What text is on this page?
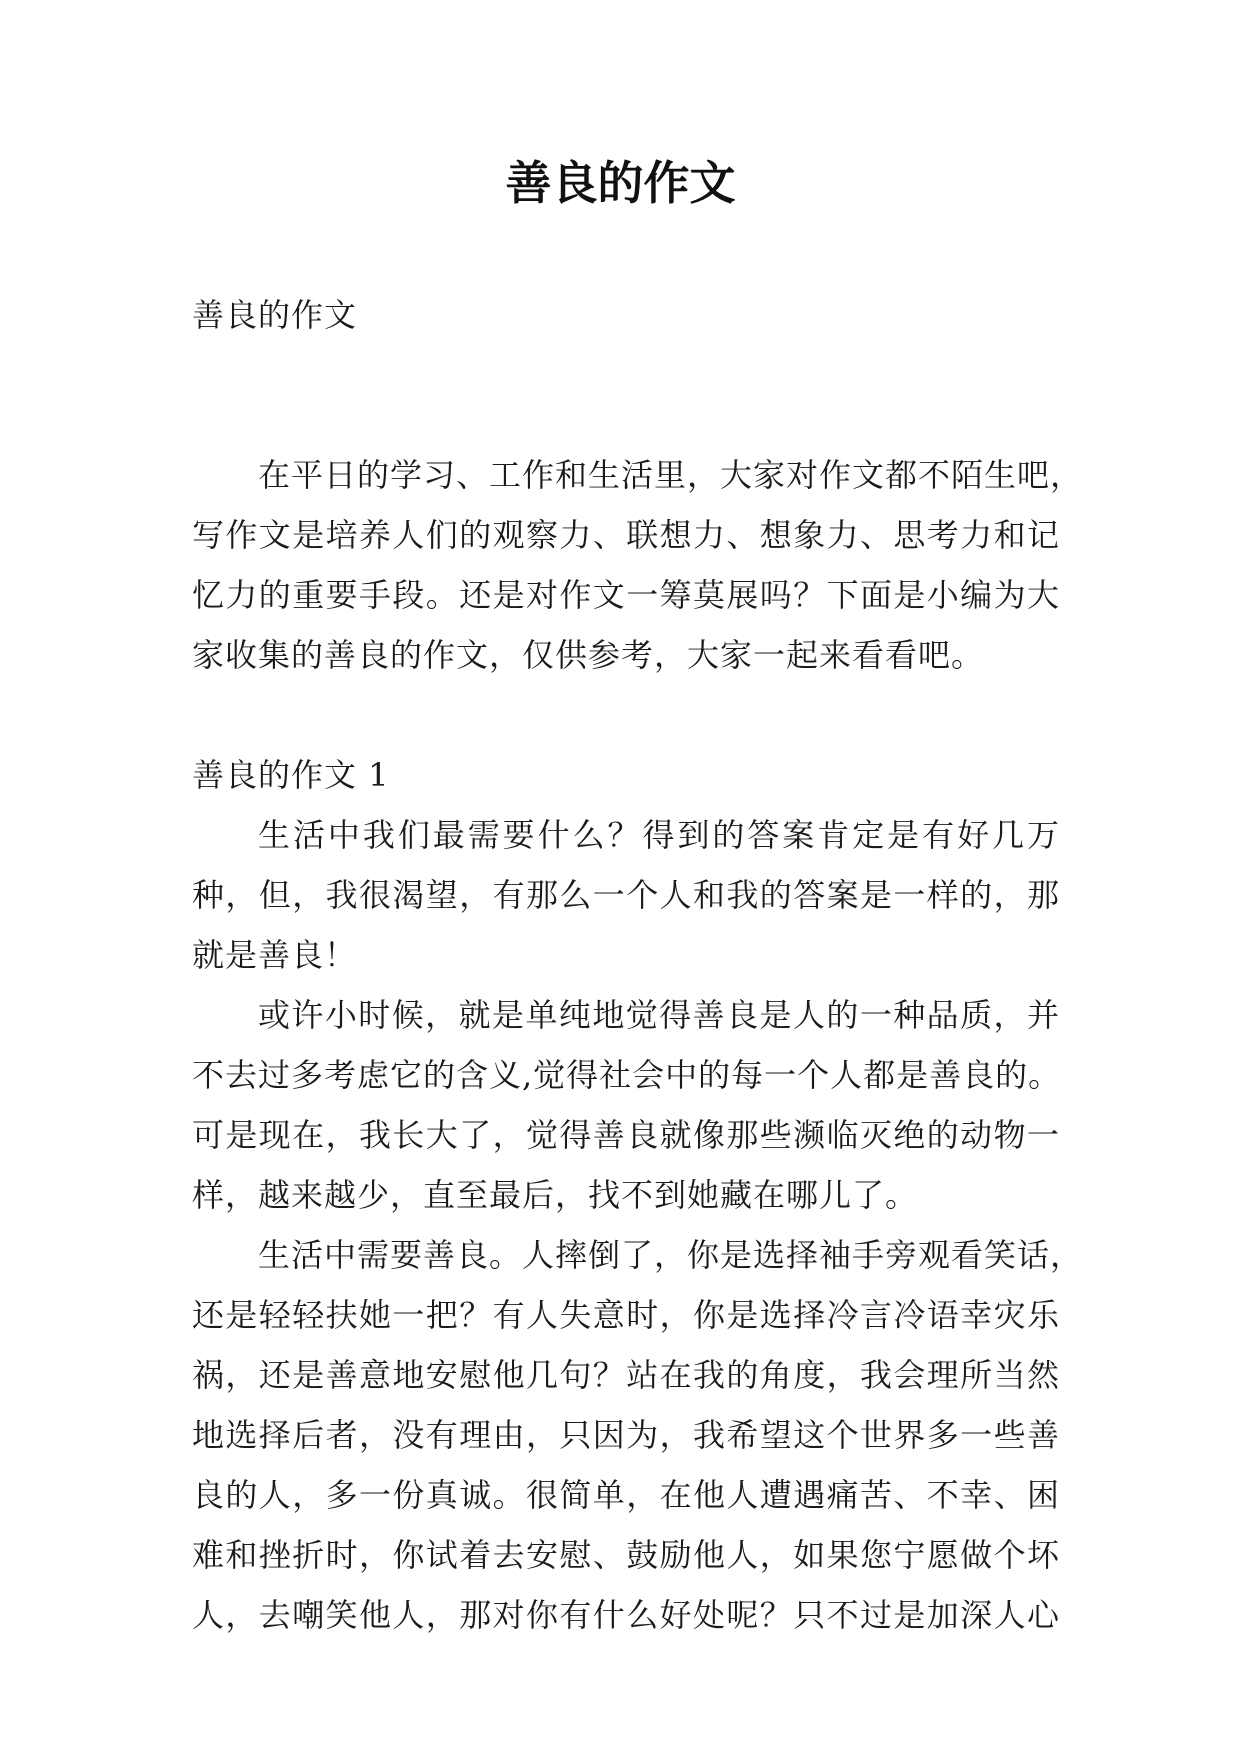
善良的作文
善良的作文
在平日的学习、工作和生活里，大家对作文都不陌生吧，
写作文是培养人们的观察力、联想力、想象力、思考力和记
忆力的重要手段。还是对作文一筹莫展吗？下面是小编为大
家收集的善良的作文，仅供参考，大家一起来看看吧。
善良的作文 1
生活中我们最需要什么？得到的答案肯定是有好几万
种，但，我很渴望，有那么一个人和我的答案是一样的，那
就是善良！
或许小时候，就是单纯地觉得善良是人的一种品质，并
不去过多考虑它的含义,觉得社会中的每一个人都是善良的。
可是现在，我长大了，觉得善良就像那些濒临灭绝的动物一
样，越来越少，直至最后，找不到她藏在哪儿了。
生活中需要善良。人摔倒了，你是选择袖手旁观看笑话，
还是轻轻扶她一把？有人失意时，你是选择冷言冷语幸灾乐
祸，还是善意地安慰他几句？站在我的角度，我会理所当然
地选择后者，没有理由，只因为，我希望这个世界多一些善
良的人，多一份真诚。很简单，在他人遭遇痛苦、不幸、困
难和挫折时，你试着去安慰、鼓励他人，如果您宁愿做个坏
人，去嘲笑他人，那对你有什么好处呢？只不过是加深人心
